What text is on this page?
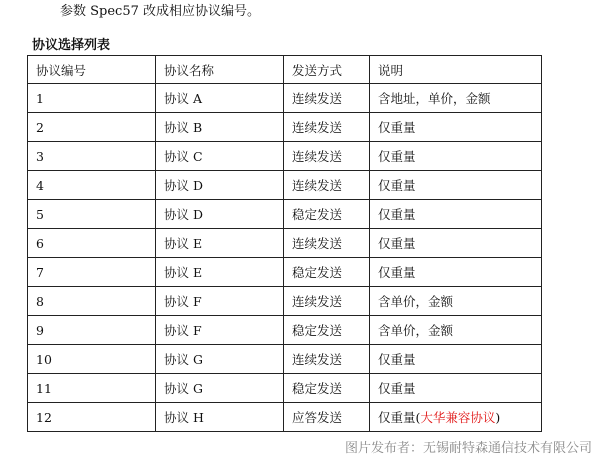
参数 Spec57 改成相应协议编号。
协议选择列表
协议编号	协议名称	发送方式	说明
1	协议 A	连续发送	含地址，单价，金额
2	协议 B	连续发送	仅重量
3	协议 C	连续发送	仅重量
4	协议 D	连续发送	仅重量
5	协议 D	稳定发送	仅重量
6	协议 E	连续发送	仅重量
7	协议 E	稳定发送	仅重量
8	协议 F	连续发送	含单价，金额
9	协议 F	稳定发送	含单价，金额
10	协议 G	连续发送	仅重量
11	协议 G	稳定发送	仅重量
12	协议 H	应答发送	仅重量(大华兼容协议)
图片发布者：无锡耐特森通信技术有限公司
